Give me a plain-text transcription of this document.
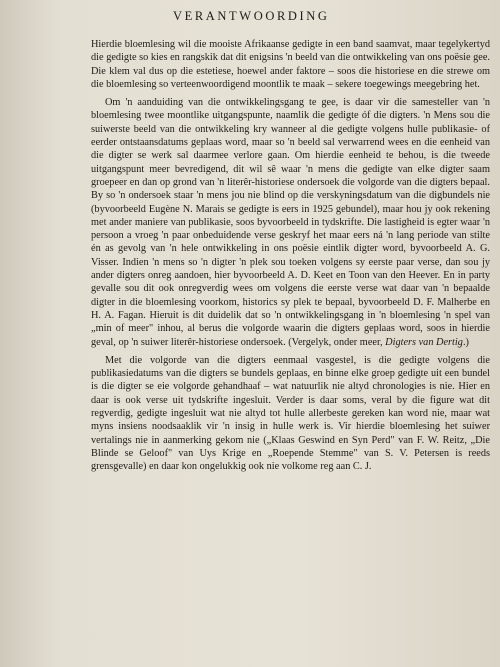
VERANTWOORDING

Hierdie bloemlesing wil die mooiste Afrikaanse gedigte in een band saamvat, maar tegelykertyd die gedigte so kies en rangskik dat dit enigsins 'n beeld van die ontwikkeling van ons poësie gee. Die klem val dus op die estetiese, hoewel ander faktore – soos die historiese en die strewe om die bloemlesing so verteenwoordigend moontlik te maak – sekere toegewings meegebring het.

Om 'n aanduiding van die ontwikkelingsgang te gee, is daar vir die samesteller van 'n bloemlesing twee moontlike uitgangspunte, naamlik die gedigte óf die digters. 'n Mens sou die suiwerste beeld van die ontwikkeling kry wanneer al die gedigte volgens hulle publikasie- of eerder ontstaansdatums geplaas word, maar so 'n beeld sal verwarrend wees en die eenheid van die digter se werk sal daarmee verlore gaan. Om hierdie eenheid te behou, is die tweede uitgangspunt meer bevredigend, dit wil sê waar 'n mens die gedigte van elke digter saam groepeer en dan op grond van 'n literêr-historiese ondersoek die volgorde van die digters bepaal. By so 'n ondersoek staar 'n mens jou nie blind op die verskyningsdatum van die digbundels nie (byvoorbeeld Eugène N. Marais se gedigte is eers in 1925 gebundel), maar hou jy ook rekening met ander maniere van publikasie, soos byvoorbeeld in tydskrifte. Die lastigheid is egter waar 'n persoon a vroeg 'n paar onbeduidende verse geskryf het maar eers ná 'n lang periode van stilte én as gevolg van 'n hele ontwikkeling in ons poësie eintlik digter word, byvoorbeeld A. G. Visser. Indien 'n mens so 'n digter 'n plek sou toeken volgens sy eerste paar verse, dan sou jy ander digters onreg aandoen, hier byvoorbeeld A. D. Keet en Toon van den Heever. En in party gevalle sou dit ook onregverdig wees om volgens die eerste verse wat daar van 'n bepaalde digter in die bloemlesing voorkom, historics sy plek te bepaal, byvoorbeeld D. F. Malherbe en H. A. Fagan. Hieruit is dit duidelik dat so 'n ontwikkelingsgang in 'n bloemlesing 'n spel van „min of meer" inhou, al berus die volgorde waarin die digters geplaas word, soos in hierdie geval, op 'n suiwer literêr-historiese ondersoek. (Vergelyk, onder meer, Digters van Dertig.)

Met die volgorde van die digters eenmaal vasgestel, is die gedigte volgens die publikasiedatums van die digters se bundels geplaas, en binne elke groep gedigte uit een bundel is die digter se eie volgorde gehandhaaf – wat natuurlik nie altyd chronologies is nie. Hier en daar is ook verse uit tydskrifte ingesluit. Verder is daar soms, veral by die figure wat dit regverdig, gedigte ingesluit wat nie altyd tot hulle allerbeste gereken kan word nie, maar wat myns insiens noodsaaklik vir 'n insig in hulle werk is. Vir hierdie bloemlesing het suiwer vertalings nie in aanmerking gekom nie („Klaas Geswind en Syn Perd" van F. W. Reitz, „Die Blinde se Geloof" van Uys Krige en „Roepende Stemme" van S. V. Petersen is reeds grensgevalle) en daar kon ongelukkig ook nie volkome reg aan C. J.
